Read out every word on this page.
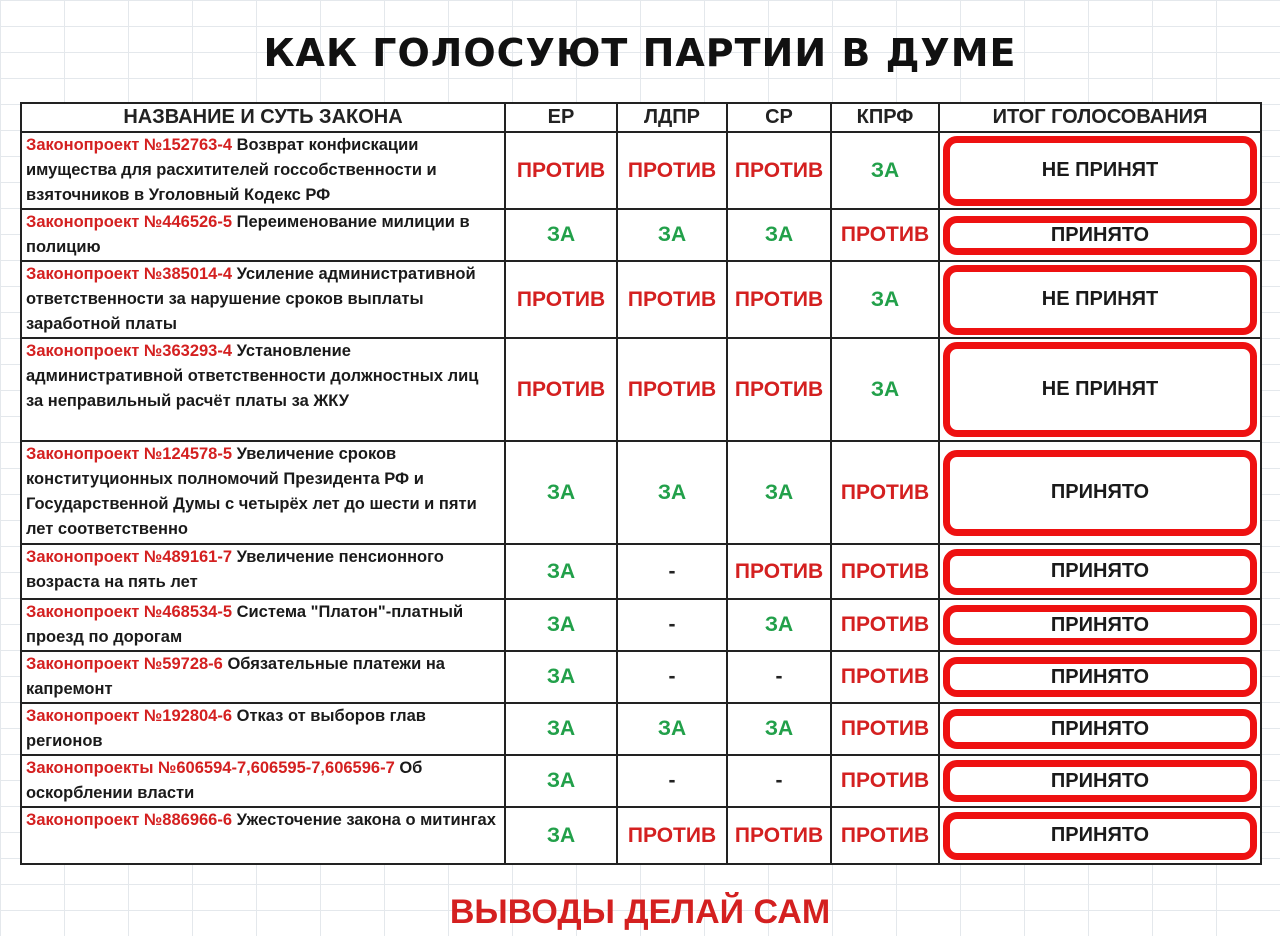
КАК ГОЛОСУЮТ ПАРТИИ В ДУМЕ
НАЗВАНИЕ И СУТЬ ЗАКОНА	ЕР	ЛДПР	СР	КПРФ	ИТОГ ГОЛОСОВАНИЯ
Законопроект №152763-4 Возврат конфискации имущества для расхитителей госсобственности и взяточников в Уголовный Кодекс РФ	ПРОТИВ	ПРОТИВ	ПРОТИВ	ЗА	НЕ ПРИНЯТ

Законопроект №446526-5 Переименование милиции в полицию	ЗА	ЗА	ЗА	ПРОТИВ	ПРИНЯТО

Законопроект №385014-4 Усиление административной ответственности за нарушение сроков выплаты заработной платы	ПРОТИВ	ПРОТИВ	ПРОТИВ	ЗА	НЕ ПРИНЯТ

Законопроект №363293-4 Установление административной ответственности должностных лиц за неправильный расчёт платы за ЖКУ	ПРОТИВ	ПРОТИВ	ПРОТИВ	ЗА	НЕ ПРИНЯТ

Законопроект №124578-5 Увеличение сроков конституционных полномочий Президента РФ и Государственной Думы с четырёх лет до шести и пяти лет соответственно	ЗА	ЗА	ЗА	ПРОТИВ	ПРИНЯТО

Законопроект №489161-7 Увеличение пенсионного возраста на пять лет	ЗА	-	ПРОТИВ	ПРОТИВ	ПРИНЯТО

Законопроект №468534-5 Система "Платон"-платный проезд по дорогам	ЗА	-	ЗА	ПРОТИВ	ПРИНЯТО

Законопроект №59728-6 Обязательные платежи на капремонт	ЗА	-	-	ПРОТИВ	ПРИНЯТО

Законопроект №192804-6 Отказ от выборов глав регионов	ЗА	ЗА	ЗА	ПРОТИВ	ПРИНЯТО

Законопроекты №606594-7,606595-7,606596-7 Об оскорблении власти	ЗА	-	-	ПРОТИВ	ПРИНЯТО

Законопроект №886966-6 Ужесточение закона о митингах	ЗА	ПРОТИВ	ПРОТИВ	ПРОТИВ	ПРИНЯТО
ВЫВОДЫ ДЕЛАЙ САМ
